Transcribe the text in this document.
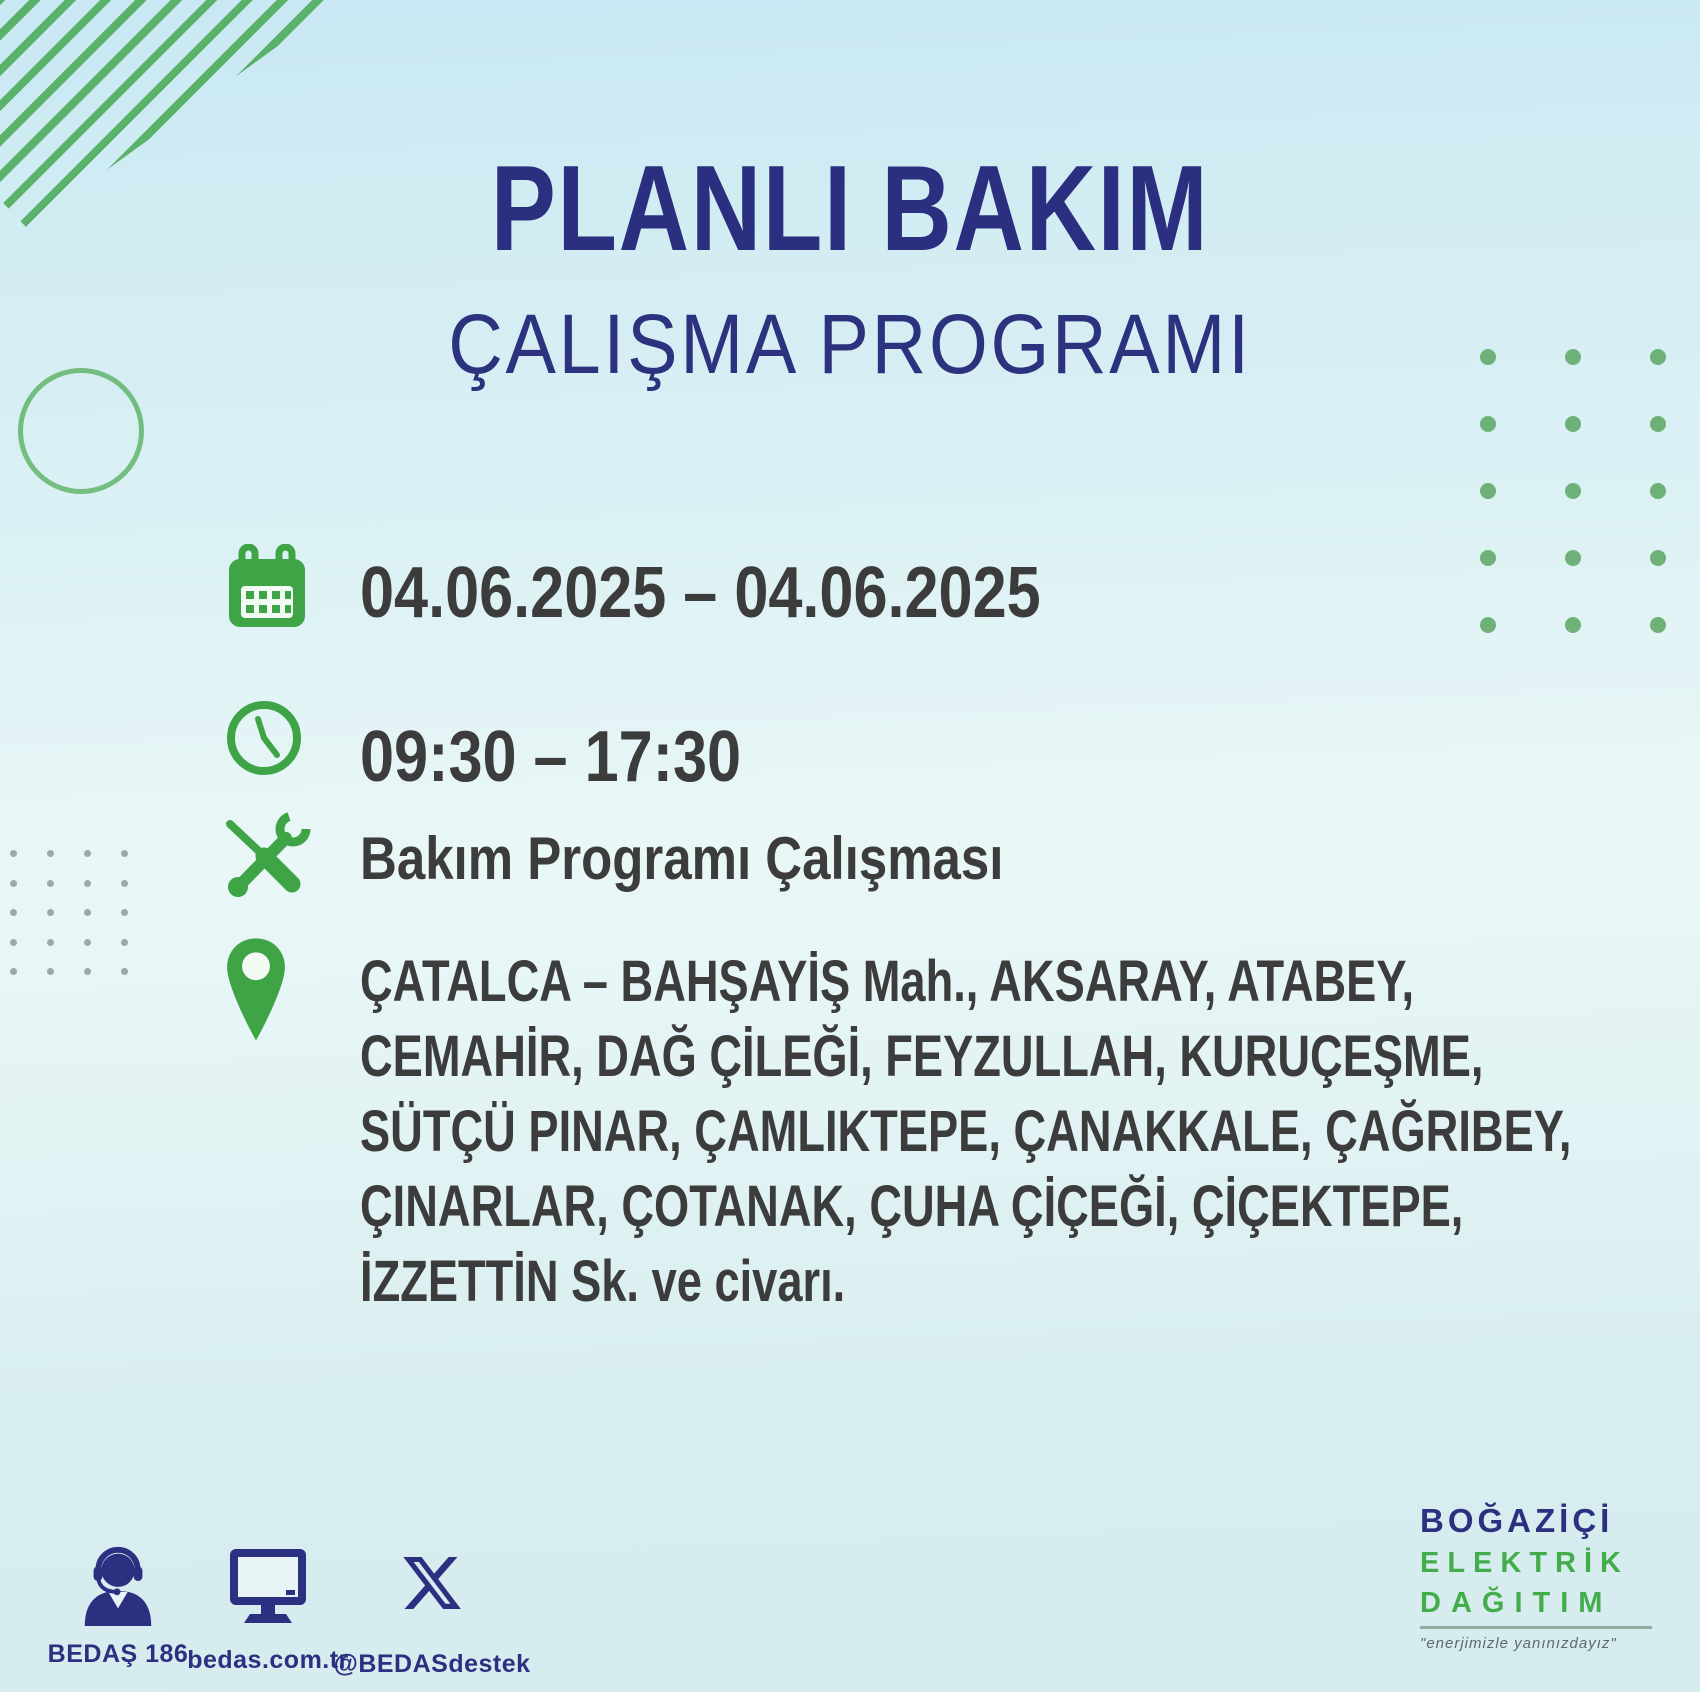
PLANLI BAKIM
ÇALIŞMA PROGRAMI
04.06.2025 – 04.06.2025
09:30 – 17:30
Bakım Programı Çalışması
ÇATALCA – BAHŞAYİŞ Mah., AKSARAY, ATABEY,
CEMAHİR, DAĞ ÇİLEĞİ, FEYZULLAH, KURUÇEŞME,
SÜTÇÜ PINAR, ÇAMLIKTEPE, ÇANAKKALE, ÇAĞRIBEY,
ÇINARLAR, ÇOTANAK, ÇUHA ÇİÇEĞİ, ÇİÇEKTEPE,
İZZETTİN Sk. ve civarı.
BEDAŞ 186
bedas.com.tr
@BEDASdestek
BOĞAZİÇİ
ELEKTRİK
DAĞITIM
"enerjimizle yanınızdayız"
